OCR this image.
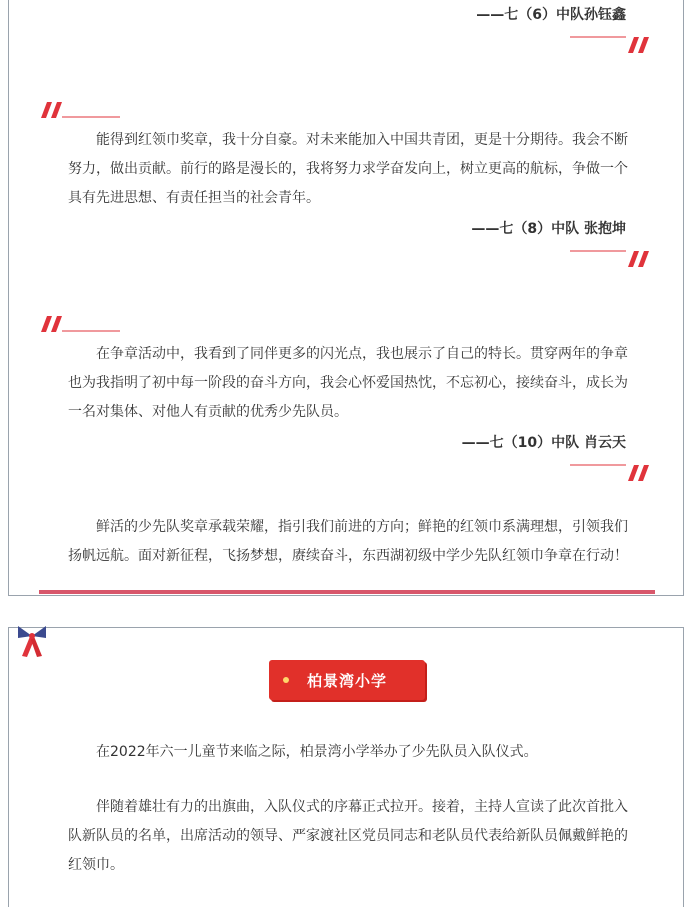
——七（6）中队孙钰鑫

能得到红领巾奖章，我十分自豪。对未来能加入中国共青团，更是十分期待。我会不断努力，做出贡献。前行的路是漫长的，我将努力求学奋发向上，树立更高的航标，争做一个具有先进思想、有责任担当的社会青年。

——七（8）中队 张抱坤

在争章活动中，我看到了同伴更多的闪光点，我也展示了自己的特长。贯穿两年的争章也为我指明了初中每一阶段的奋斗方向，我会心怀爱国热忱，不忘初心，接续奋斗，成长为一名对集体、对他人有贡献的优秀少先队员。

——七（10）中队 肖云天

鲜活的少先队奖章承载荣耀，指引我们前进的方向；鲜艳的红领巾系满理想，引领我们扬帆远航。面对新征程，飞扬梦想，赓续奋斗，东西湖初级中学少先队红领巾争章在行动！

柏景湾小学

在2022年六一儿童节来临之际，柏景湾小学举办了少先队员入队仪式。

伴随着雄壮有力的出旗曲，入队仪式的序幕正式拉开。接着，主持人宣读了此次首批入队新队员的名单，出席活动的领导、严家渡社区党员同志和老队员代表给新队员佩戴鲜艳的红领巾。
